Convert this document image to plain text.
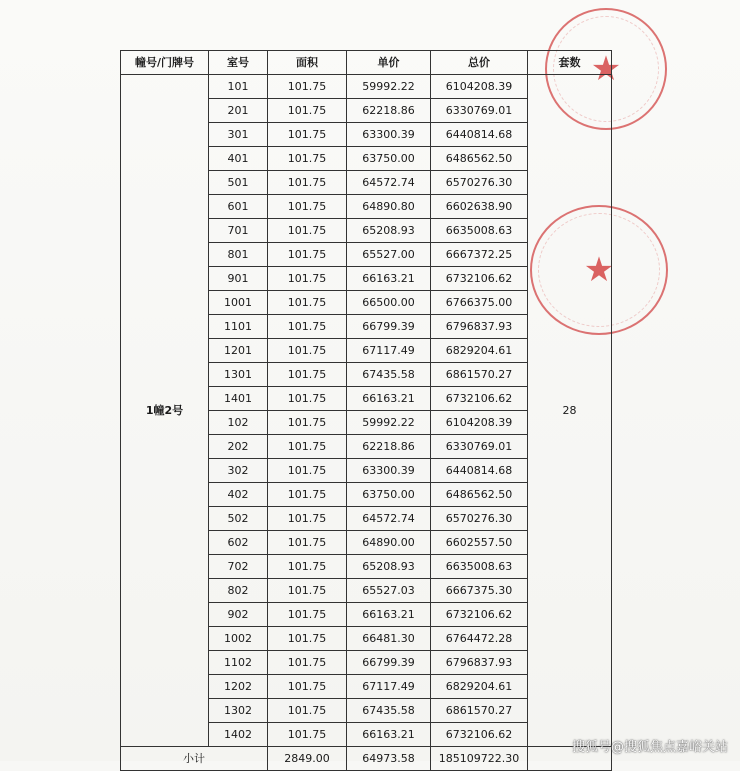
★
★
幢号/门牌号	室号	面积	单价	总价	套数
1幢2号	101	101.75	59992.22	6104208.39	28
	201	101.75	62218.86	6330769.01	
	301	101.75	63300.39	6440814.68	
	401	101.75	63750.00	6486562.50	
	501	101.75	64572.74	6570276.30	
	601	101.75	64890.80	6602638.90	
	701	101.75	65208.93	6635008.63	
	801	101.75	65527.00	6667372.25	
	901	101.75	66163.21	6732106.62	
	1001	101.75	66500.00	6766375.00	
	1101	101.75	66799.39	6796837.93	
	1201	101.75	67117.49	6829204.61	
	1301	101.75	67435.58	6861570.27	
	1401	101.75	66163.21	6732106.62	
	102	101.75	59992.22	6104208.39	
	202	101.75	62218.86	6330769.01	
	302	101.75	63300.39	6440814.68	
	402	101.75	63750.00	6486562.50	
	502	101.75	64572.74	6570276.30	
	602	101.75	64890.00	6602557.50	
	702	101.75	65208.93	6635008.63	
	802	101.75	65527.03	6667375.30	
	902	101.75	66163.21	6732106.62	
	1002	101.75	66481.30	6764472.28	
	1102	101.75	66799.39	6796837.93	
	1202	101.75	67117.49	6829204.61	
	1302	101.75	67435.58	6861570.27	
	1402	101.75	66163.21	6732106.62	
小计		2849.00	64973.58	185109722.30	
搜狐号@搜狐焦点嘉峪关站
